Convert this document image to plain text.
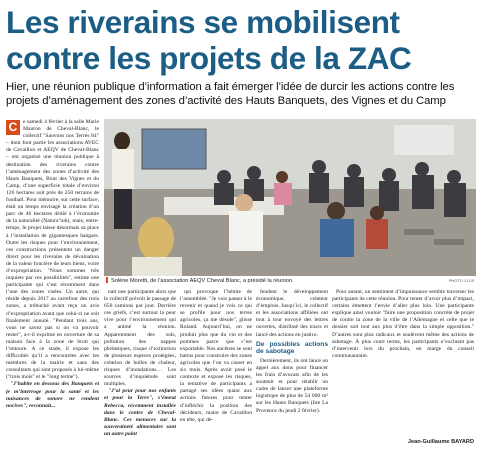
Les riverains se mobilisent
contre les projets de la ZAC

Hier, une réunion publique d’information a fait émerger l’idée de durcir les actions contre les projets d’aménagement des zones d’activité des Hauts Banquets, des Vignes et du Camp

C	e samedi 4 février à la salle Marie Mauron de Cheval-Blanc, le collectif "Sauvons nos Terres 84" – dont font partie les associations AVEC de Cavaillon et AEQV de Cheval-Blanc – ont organisé une réunion publique à destination des riverains contre l’aménagement des zones d’activité des Hauts Banquets, Bout des Vignes et du Camp, d’une superficie totale d’environ 126 hectares soit près de 250 terrains de football. Pour mémoire, sur cette surface, était un temps envisagé la création d’un parc de 46 hectares dédié à l’économie de la naturalité (Natura’lub), mais, entre-temps, le projet laisse désormais sa place à l’installation de gigantesques hangars. Outre les risques pour l’environnement, ces constructions présentent un danger direct pour les riverains de dévaluation de la valeur foncière de leurs biens, voire d’expropriation. "Nous sommes très inquiets par ces possibilités", estime une participante qui s’est récemment dans l’une des zones visées. Un autre, qui réside depuis 2017 au carrefour des trois zones, a trébuché avant reçu un avis d’expropriation avant que celui-ci ne soit finalement annulé. "Pendant trois ans, vous ne savez pas si on va pouvoir rester", a-t-il exprimé en ouverture de sa maison face à la zone de bruit qui l’entoure. A ce stade, il expose les difficultés qu’il a rencontrées avec les membres de la mairie et sans des consultants qui sont proposés à lui-même ("trois mois" et le "long terme").

"J’habite en dessous des Banquets et je m’interroge pour la santé et les nuisances de sonore ne rendent nocives", reconnait...

Solène Moretti, de l’association AEQV Cheval Blanc, a présidé la réunion.	PHOTO J.G.B

nait une participante alors que le collectif prévoit le passage de 650 camions par jour. Derrière ces griefs, c’est surtout la peur vive pour l’environnement qui a animé la réunion. Apparemment des sols, pollution des nappes phréatiques, risque d’extinction de plusieurs espèces protégées, création de bulles de chaleur, risques d’inondations… Les sources d’inquiétude sont multiples.

"J’ai peur pour nos enfants et pour la Terre", s’émeut Rebecca, récemment installée dans le centre de Cheval-Blanc. Ces menaces sur la souveraineté alimentaire sont un autre point

qui provoque l’hémie de l’assemblée. "Je vois passer à le revenir et quand je vois ce qui se profile pour nos terres agricoles, ça me désole", glisse Roland. Aujourd’hui, on ne produit plus que du vin et des pommes parce que c’est exportable. Nos ancêtres se sont battus pour construire des zones agricoles que l’on va casser en six mois. Après avoir posé le contexte et exposé les risques, la tentative de participants a partagé ses idées quant aux actions futures pour tenter d’infléchir la position des décideurs, maire de Cavaillon en tête, qui dé-

fendent le développement économique, créateur d’emplois. Jusqu’ici, le collectif et les associations affiliées ont tout à tour envoyé des lettres ouvertes, distribué des tracts et lancé des actions en justice.

De possibles actions de sabotage

Dernièrement, ils ont lancé un appel aux dons pour financer les frais d’avocats afin de les soutenir et pour rétablir un cadre de lancer une plateforme logistique de plus de 54 000 m² sur les Hauts Banquets (lire La Provence du jeudi 2 février).

Pour autant, un sentiment d’impuissance semble traverser les participants de cette réunion. Pour tenter d’avoir plus d’impact, certains émettent l’envie d’aller plus loin. Une participante explique ainsi vouloir "faire une proposition concrète de projet de contre la zone de la ville de l’Allemagne et celle que le dossier soit tout aux plus d’être dans la simple opposition." D’autres sont plus radicaux et soulèvent même des actions de sabotage. À plus court terme, les participants n’excluent pas d’intervenir lors du prochain, en marge du conseil communautaire.

Jean-Guillaume BAYARD
